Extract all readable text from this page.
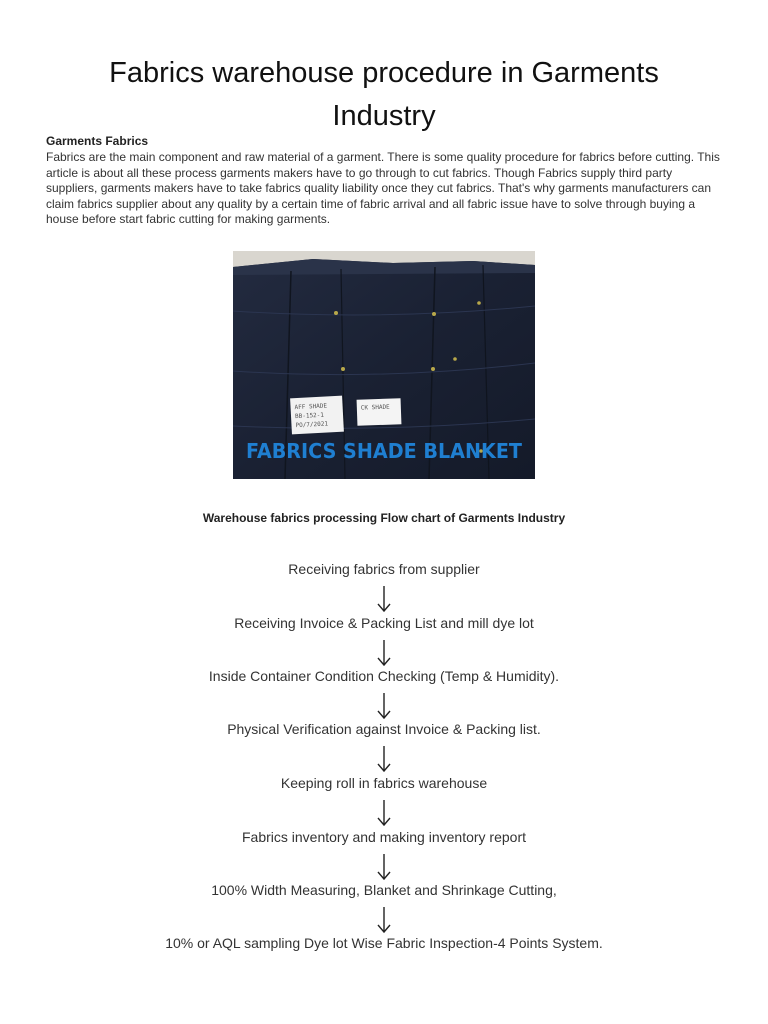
Fabrics warehouse procedure in Garments Industry
Garments Fabrics

Fabrics are the main component and raw material of a garment. There is some quality procedure for fabrics before cutting. This article is about all these process garments makers have to go through to cut fabrics. Though Fabrics supply third party suppliers, garments makers have to take fabrics quality liability once they cut fabrics. That's why garments manufacturers can claim fabrics supplier about any quality by a certain time of fabric arrival and all fabric issue have to solve through buying a house before start fabric cutting for making garments.

AFF SHADE
BB-152-1
PO/7/2021
CK SHADE
FABRICS SHADE BLANKET
Warehouse fabrics processing Flow chart of Garments Industry
Receiving fabrics from supplier
Receiving Invoice & Packing List and mill dye lot
Inside Container Condition Checking (Temp & Humidity).
Physical Verification against Invoice & Packing list.
Keeping roll in fabrics warehouse
Fabrics inventory and making inventory report
100% Width Measuring, Blanket and Shrinkage Cutting,
10% or AQL sampling Dye lot Wise Fabric Inspection-4 Points System.
